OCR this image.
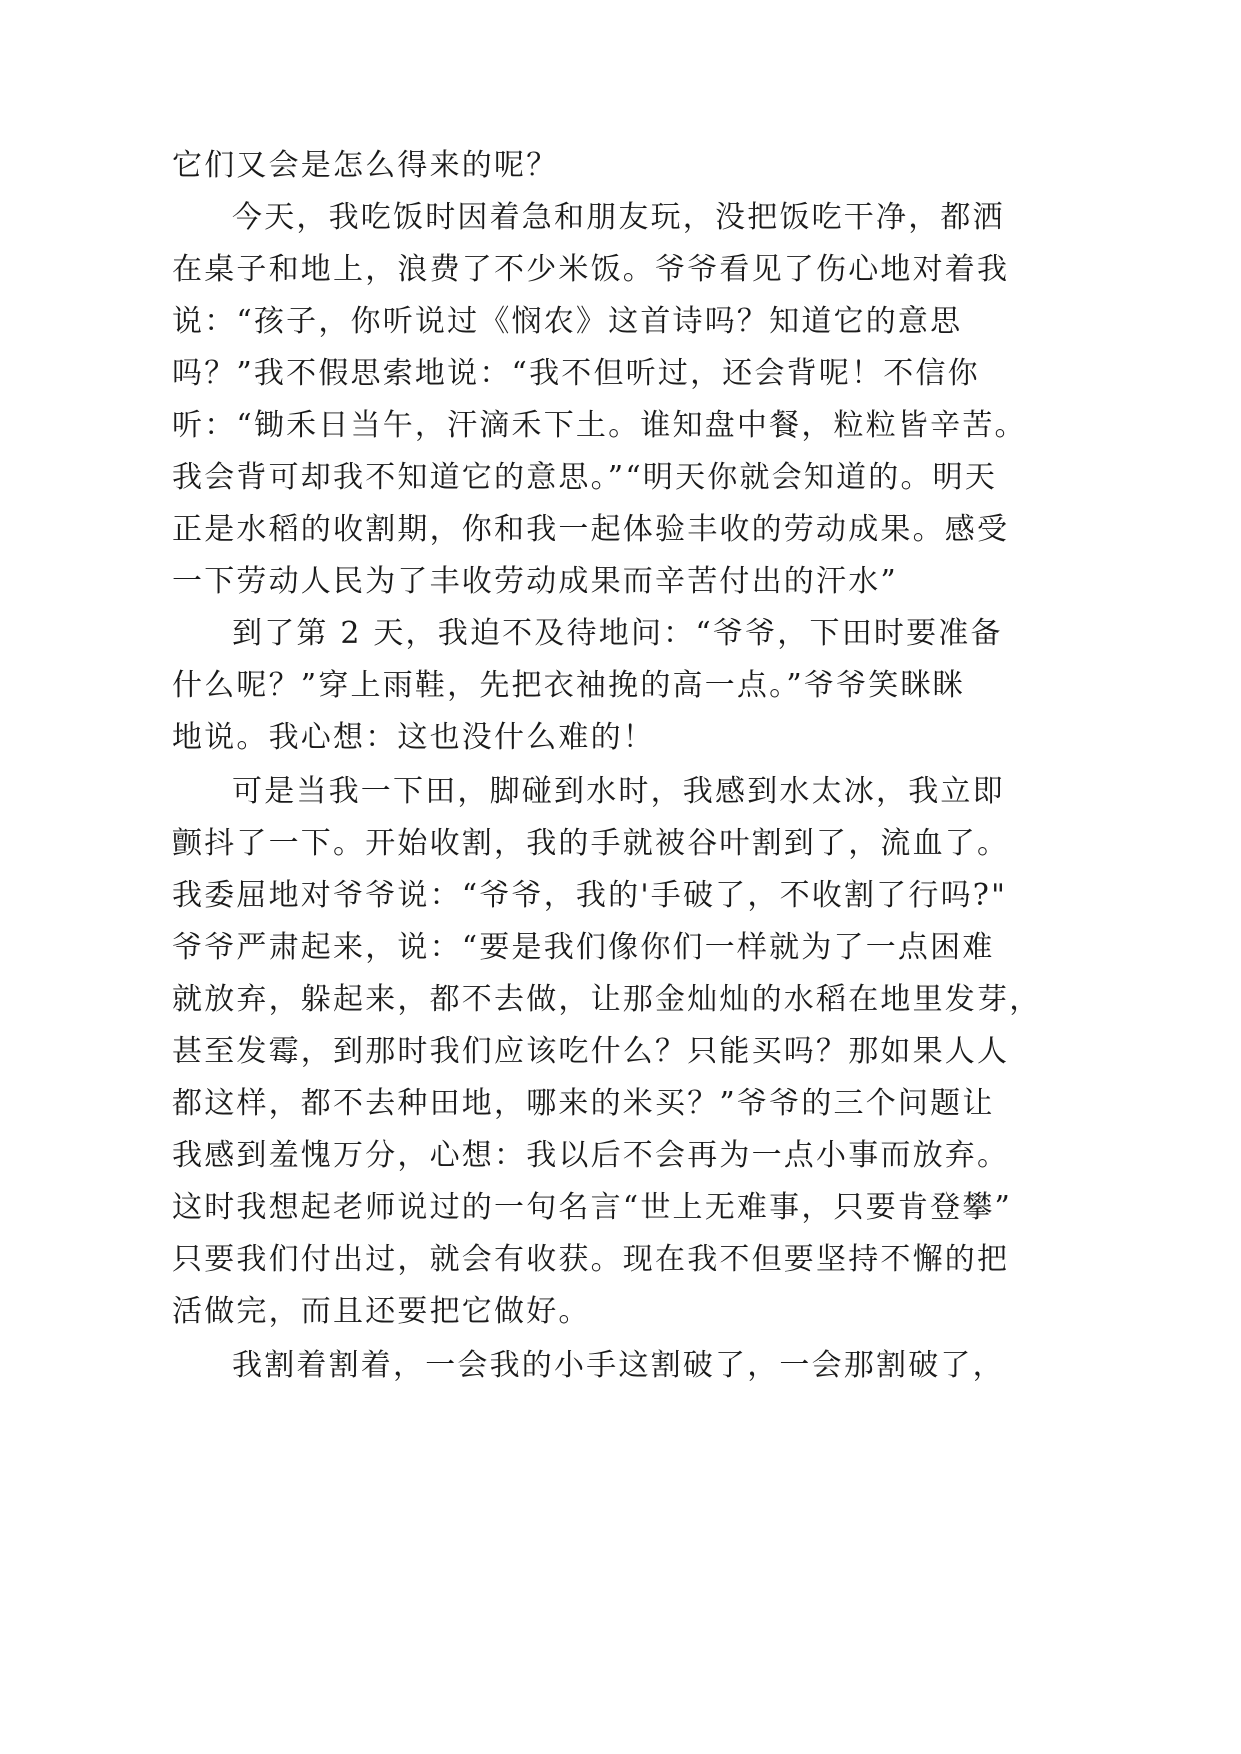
它们又会是怎么得来的呢？
今天，我吃饭时因着急和朋友玩，没把饭吃干净，都洒
在桌子和地上，浪费了不少米饭。爷爷看见了伤心地对着我
说：“孩子，你听说过《悯农》这首诗吗？知道它的意思
吗？”我不假思索地说：“我不但听过，还会背呢！不信你
听：“锄禾日当午，汗滴禾下土。谁知盘中餐，粒粒皆辛苦。
我会背可却我不知道它的意思。”“明天你就会知道的。明天
正是水稻的收割期，你和我一起体验丰收的劳动成果。感受
一下劳动人民为了丰收劳动成果而辛苦付出的汗水”
到了第 2 天，我迫不及待地问：“爷爷，下田时要准备
什么呢？”穿上雨鞋，先把衣袖挽的高一点。”爷爷笑眯眯
地说。我心想：这也没什么难的！
可是当我一下田，脚碰到水时，我感到水太冰，我立即
颤抖了一下。开始收割，我的手就被谷叶割到了，流血了。
我委屈地对爷爷说：“爷爷，我的'手破了，不收割了行吗?"
爷爷严肃起来，说：“要是我们像你们一样就为了一点困难
就放弃，躲起来，都不去做，让那金灿灿的水稻在地里发芽，
甚至发霉，到那时我们应该吃什么？只能买吗？那如果人人
都这样，都不去种田地，哪来的米买？”爷爷的三个问题让
我感到羞愧万分，心想：我以后不会再为一点小事而放弃。
这时我想起老师说过的一句名言“世上无难事，只要肯登攀”
只要我们付出过，就会有收获。现在我不但要坚持不懈的把
活做完，而且还要把它做好。
我割着割着，一会我的小手这割破了，一会那割破了，
